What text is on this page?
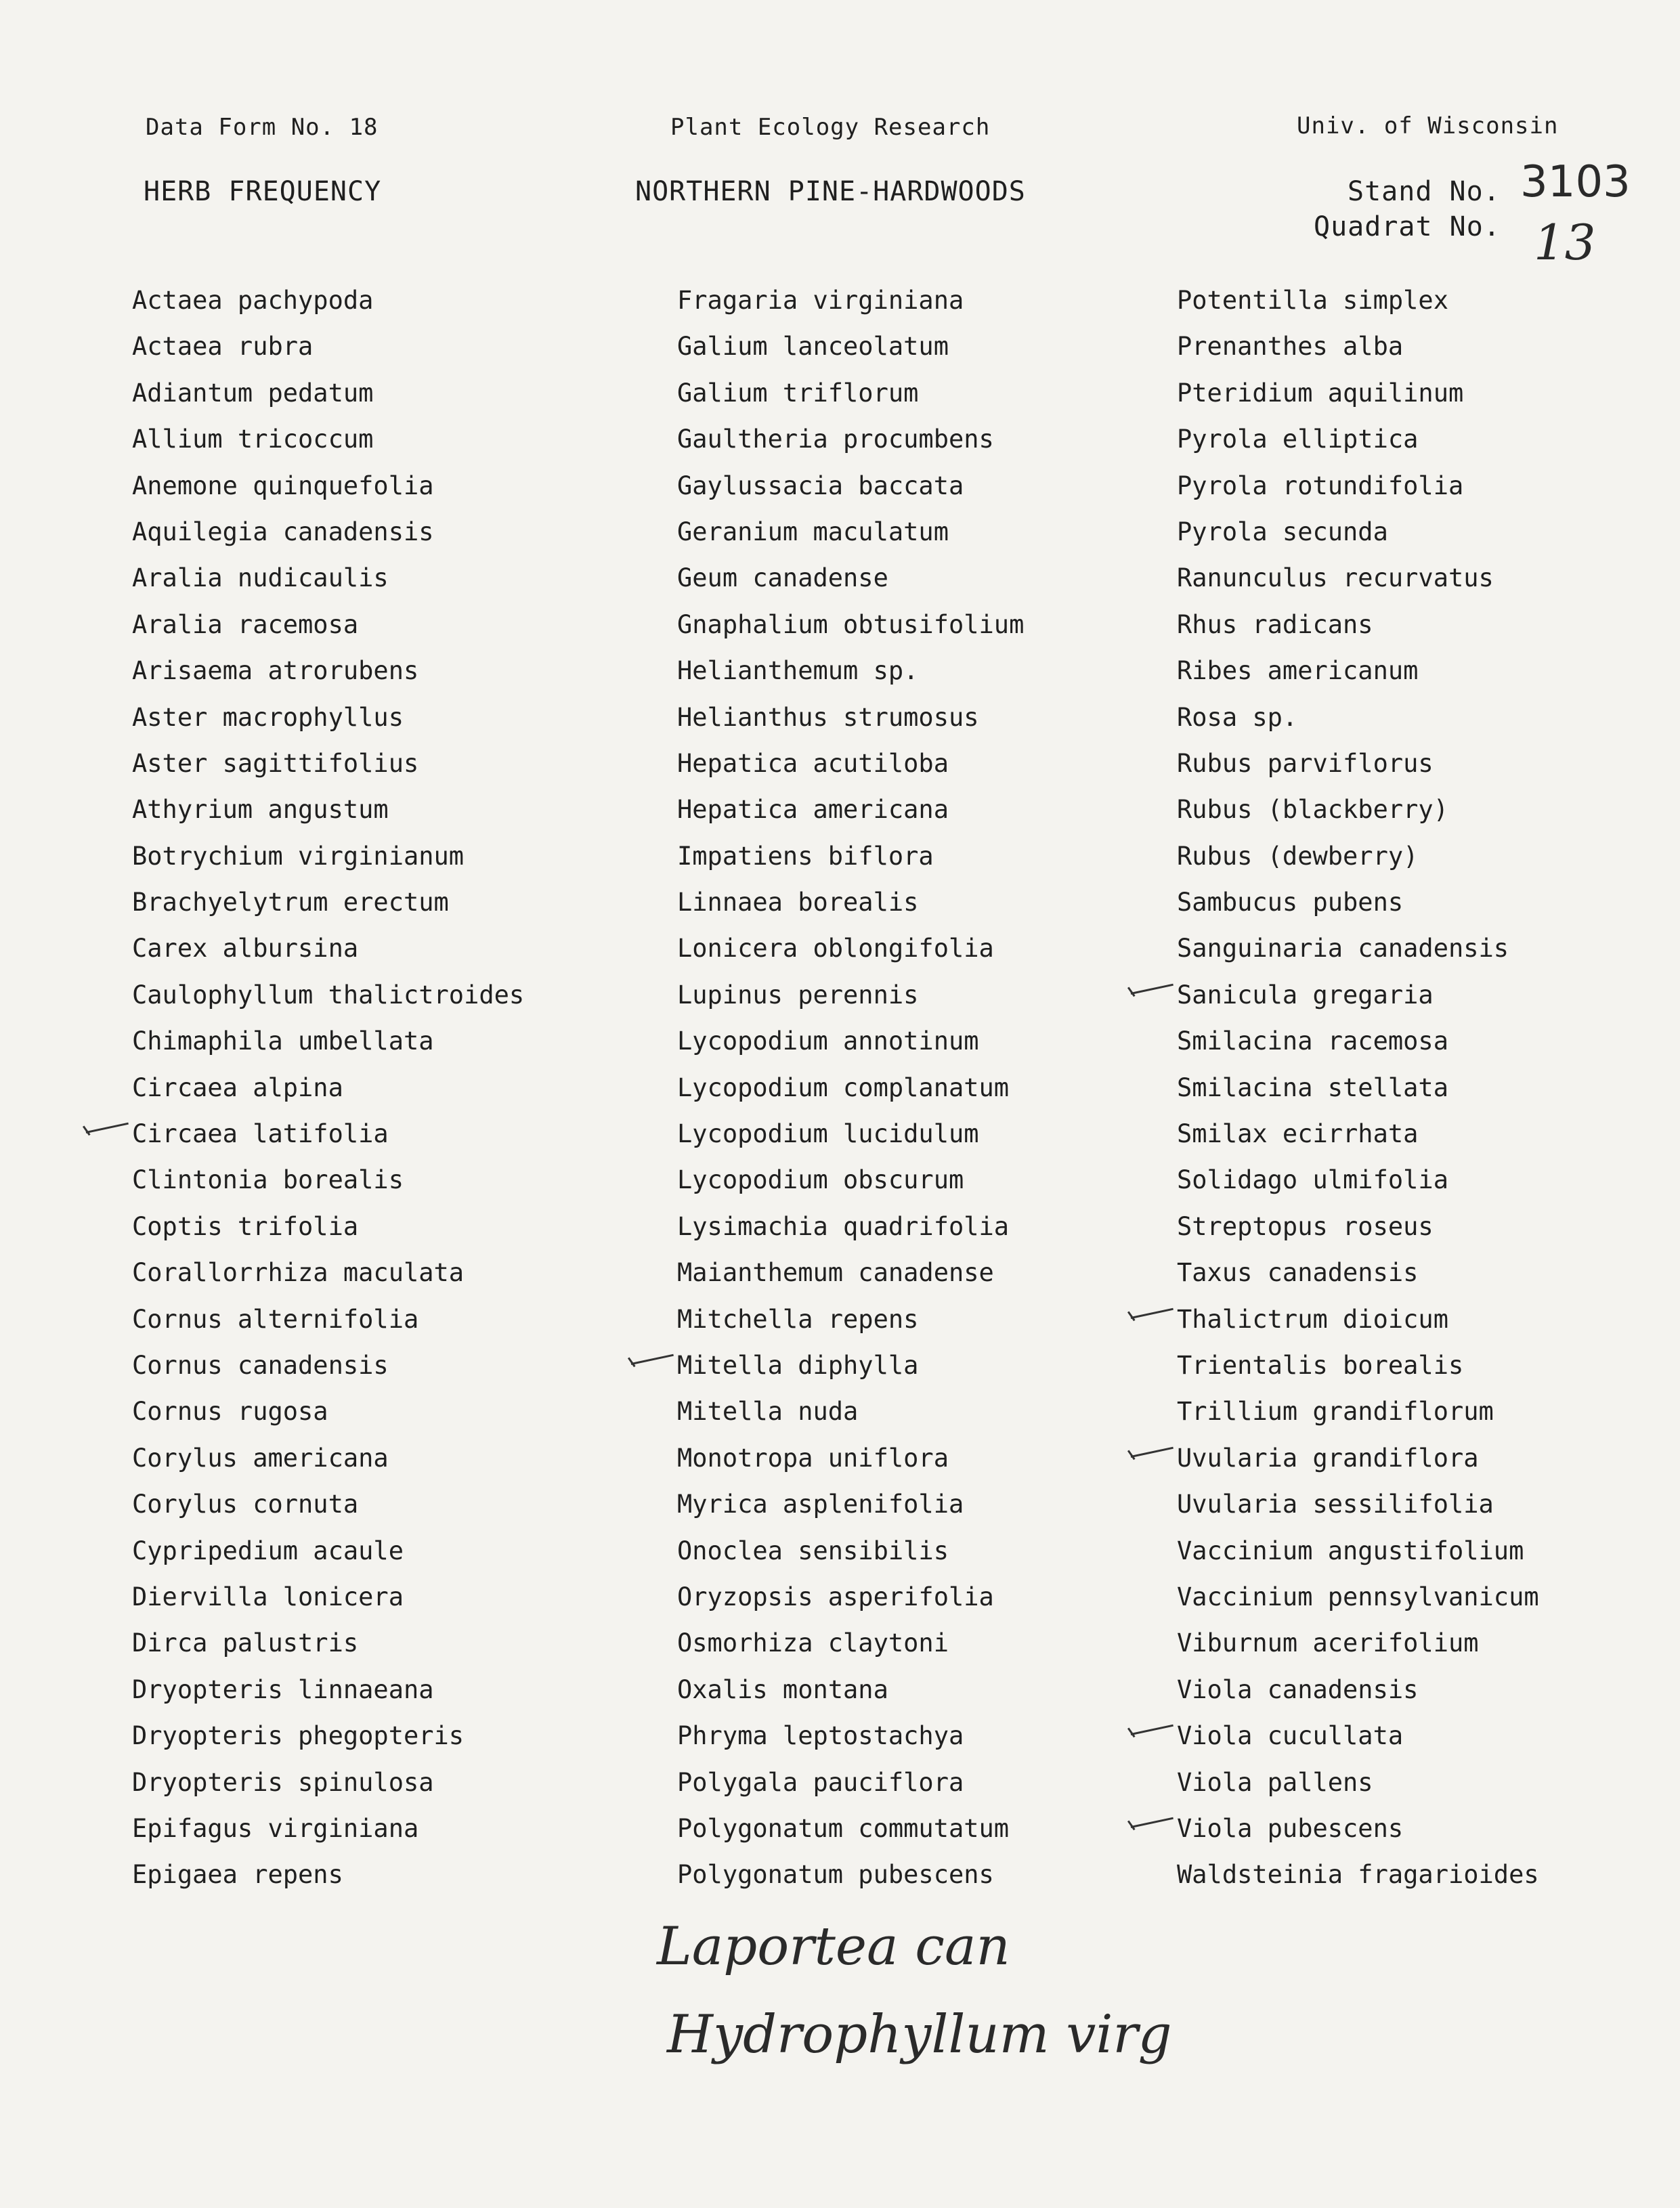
Data Form No. 18	Plant Ecology Research	Univ. of Wisconsin
HERB FREQUENCY	NORTHERN PINE-HARDWOODS	Stand No. 3103
Quadrat No. 13
Actaea pachypoda
Actaea rubra
Adiantum pedatum
Allium tricoccum
Anemone quinquefolia
Aquilegia canadensis
Aralia nudicaulis
Aralia racemosa
Arisaema atrorubens
Aster macrophyllus
Aster sagittifolius
Athyrium angustum
Botrychium virginianum
Brachyelytrum erectum
Carex albursina
Caulophyllum thalictroides
Chimaphila umbellata
Circaea alpina
Circaea latifolia
Clintonia borealis
Coptis trifolia
Corallorrhiza maculata
Cornus alternifolia
Cornus canadensis
Cornus rugosa
Corylus americana
Corylus cornuta
Cypripedium acaule
Diervilla lonicera
Dirca palustris
Dryopteris linnaeana
Dryopteris phegopteris
Dryopteris spinulosa
Epifagus virginiana
Epigaea repens
Fragaria virginiana
Galium lanceolatum
Galium triflorum
Gaultheria procumbens
Gaylussacia baccata
Geranium maculatum
Geum canadense
Gnaphalium obtusifolium
Helianthemum sp.
Helianthus strumosus
Hepatica acutiloba
Hepatica americana
Impatiens biflora
Linnaea borealis
Lonicera oblongifolia
Lupinus perennis
Lycopodium annotinum
Lycopodium complanatum
Lycopodium lucidulum
Lycopodium obscurum
Lysimachia quadrifolia
Maianthemum canadense
Mitchella repens
Mitella diphylla
Mitella nuda
Monotropa uniflora
Myrica asplenifolia
Onoclea sensibilis
Oryzopsis asperifolia
Osmorhiza claytoni
Oxalis montana
Phryma leptostachya
Polygala pauciflora
Polygonatum commutatum
Polygonatum pubescens
Potentilla simplex
Prenanthes alba
Pteridium aquilinum
Pyrola elliptica
Pyrola rotundifolia
Pyrola secunda
Ranunculus recurvatus
Rhus radicans
Ribes americanum
Rosa sp.
Rubus parviflorus
Rubus (blackberry)
Rubus (dewberry)
Sambucus pubens
Sanguinaria canadensis
Sanicula gregaria
Smilacina racemosa
Smilacina stellata
Smilax ecirrhata
Solidago ulmifolia
Streptopus roseus
Taxus canadensis
Thalictrum dioicum
Trientalis borealis
Trillium grandiflorum
Uvularia grandiflora
Uvularia sessilifolia
Vaccinium angustifolium
Vaccinium pennsylvanicum
Viburnum acerifolium
Viola canadensis
Viola cucullata
Viola pallens
Viola pubescens
Waldsteinia fragarioides
Laportea can
Hydrophyllum virg
